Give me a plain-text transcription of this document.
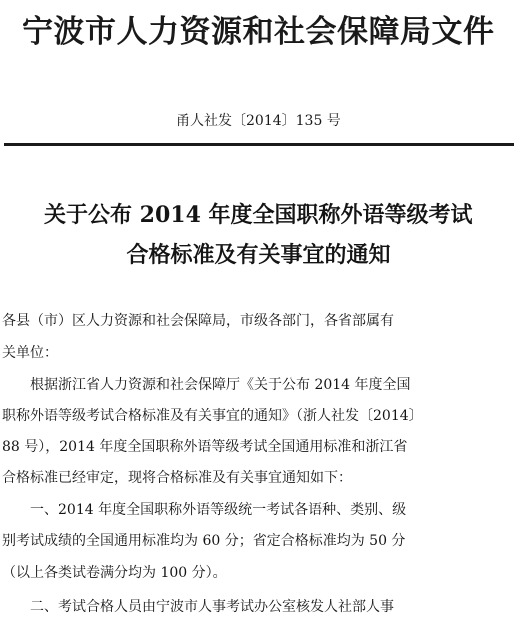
宁波市人力资源和社会保障局文件
甬人社发〔2014〕135 号
关于公布 2014 年度全国职称外语等级考试
合格标准及有关事宜的通知
各县（市）区人力资源和社会保障局，市级各部门，各省部属有
关单位：
根据浙江省人力资源和社会保障厅《关于公布 2014 年度全国
职称外语等级考试合格标准及有关事宜的通知》（浙人社发〔2014〕
88 号），2014 年度全国职称外语等级考试全国通用标准和浙江省
合格标准已经审定，现将合格标准及有关事宜通知如下：
一、2014 年度全国职称外语等级统一考试各语种、类别、级
别考试成绩的全国通用标准均为 60 分；省定合格标准均为 50 分
（以上各类试卷满分均为 100 分）。
二、考试合格人员由宁波市人事考试办公室核发人社部人事
